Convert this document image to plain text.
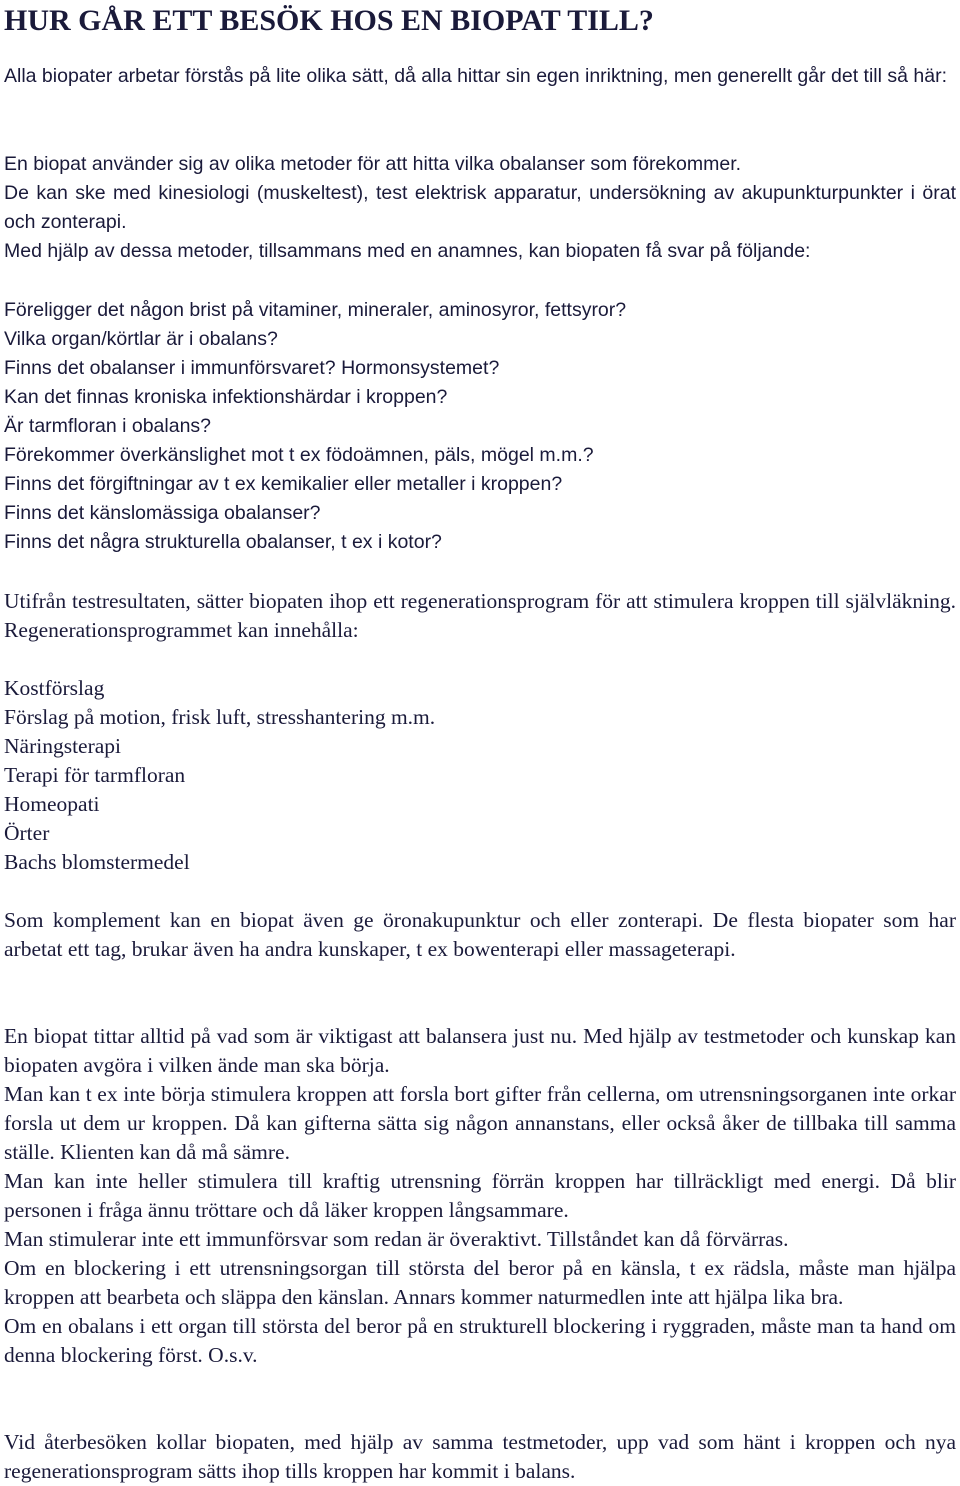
HUR GÅR ETT BESÖK HOS EN BIOPAT TILL?
Alla biopater arbetar förstås på lite olika sätt, då alla hittar sin egen inriktning, men generellt går det till så här:
En biopat använder sig av olika metoder för att hitta vilka obalanser som förekommer.
De kan ske med kinesiologi (muskeltest), test elektrisk apparatur, undersökning av akupunkturpunkter i örat och zonterapi.
Med hjälp av dessa metoder, tillsammans med en anamnes, kan biopaten få svar på följande:
Föreligger det någon brist på vitaminer, mineraler, aminosyror, fettsyror?
Vilka organ/körtlar är i obalans?
Finns det obalanser i immunförsvaret? Hormonsystemet?
Kan det finnas kroniska infektionshärdar i kroppen?
Är tarmfloran i obalans?
Förekommer överkänslighet mot t ex födoämnen, päls, mögel m.m.?
Finns det förgiftningar av t ex kemikalier eller metaller i kroppen?
Finns det känslomässiga obalanser?
Finns det några strukturella obalanser, t ex i kotor?
Utifrån testresultaten, sätter biopaten ihop ett regenerationsprogram för att stimulera kroppen till självläkning. Regenerationsprogrammet kan innehålla:
Kostförslag
Förslag på motion, frisk luft, stresshantering m.m.
Näringsterapi
Terapi för tarmfloran
Homeopati
Örter
Bachs blomstermedel
Som komplement kan en biopat även ge öronakupunktur och eller zonterapi. De flesta biopater som har arbetat ett tag, brukar även ha andra kunskaper, t ex bowenterapi eller massageterapi.
En biopat tittar alltid på vad som är viktigast att balansera just nu. Med hjälp av testmetoder och kunskap kan biopaten avgöra i vilken ände man ska börja.
Man kan t ex inte börja stimulera kroppen att forsla bort gifter från cellerna, om utrensningsorganen inte orkar forsla ut dem ur kroppen. Då kan gifterna sätta sig någon annanstans, eller också åker de tillbaka till samma ställe. Klienten kan då må sämre.
Man kan inte heller stimulera till kraftig utrensning förrän kroppen har tillräckligt med energi. Då blir personen i fråga ännu tröttare och då läker kroppen långsammare.
Man stimulerar inte ett immunförsvar som redan är överaktivt. Tillståndet kan då förvärras.
Om en blockering i ett utrensningsorgan till största del beror på en känsla, t ex rädsla, måste man hjälpa kroppen att bearbeta och släppa den känslan. Annars kommer naturmedlen inte att hjälpa lika bra.
Om en obalans i ett organ till största del beror på en strukturell blockering i ryggraden, måste man ta hand om denna blockering först. O.s.v.
Vid återbesöken kollar biopaten, med hjälp av samma testmetoder, upp vad som hänt i kroppen och nya regenerationsprogram sätts ihop tills kroppen har kommit i balans.
